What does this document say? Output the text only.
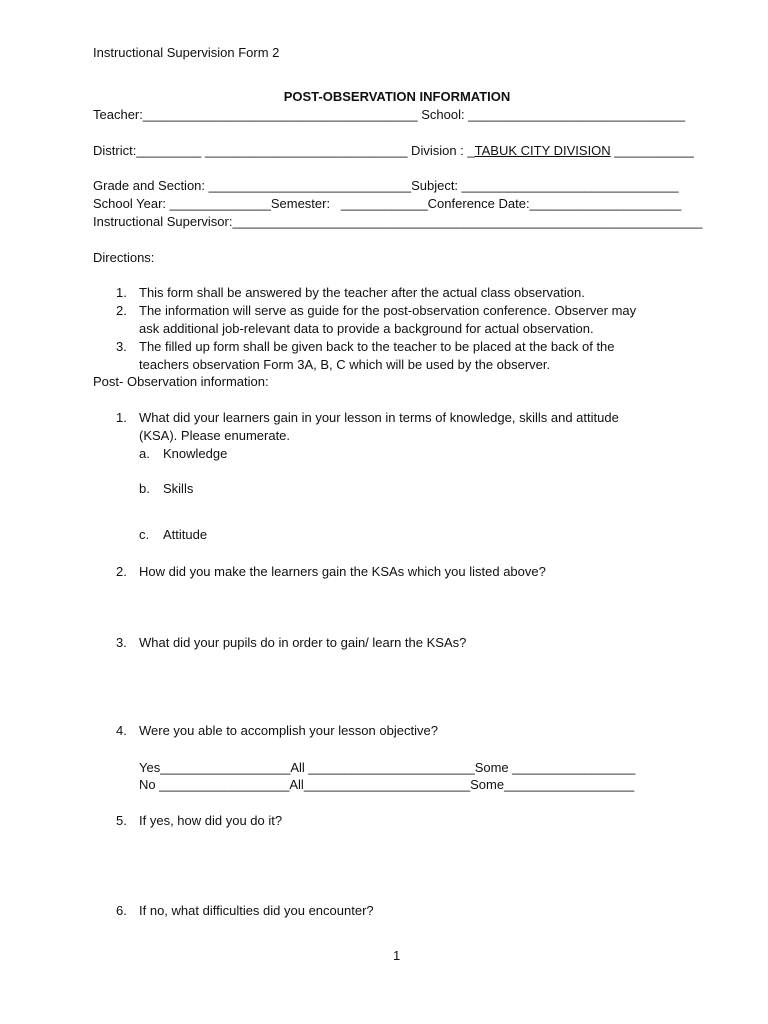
Instructional Supervision Form 2
POST-OBSERVATION INFORMATION
Teacher:______________________________________ School: ______________________________
District:_________ ____________________________ Division : _TABUK CITY DIVISION ___________
Grade and Section: ____________________________Subject: ______________________________
School Year: ______________Semester:   ____________Conference Date:_____________________
Instructional Supervisor:_________________________________________________________________
Directions:
1. This form shall be answered by the teacher after the actual class observation.
2. The information will serve as guide for the post-observation conference. Observer may
ask additional job-relevant data to provide a background for actual observation.
3. The filled up form shall be given back to the teacher to be placed at the back of the
teachers observation Form 3A, B, C which will be used by the observer.
Post- Observation information:
1. What did your learners gain in your lesson in terms of knowledge, skills and attitude
(KSA). Please enumerate.
a. Knowledge
b. Skills
c. Attitude
2. How did you make the learners gain the KSAs which you listed above?
3. What did your pupils do in order to gain/ learn the KSAs?
4. Were you able to accomplish your lesson objective?
Yes__________________All _______________________Some _________________
No __________________All_______________________Some__________________
5. If yes, how did you do it?
6. If no, what difficulties did you encounter?
1
